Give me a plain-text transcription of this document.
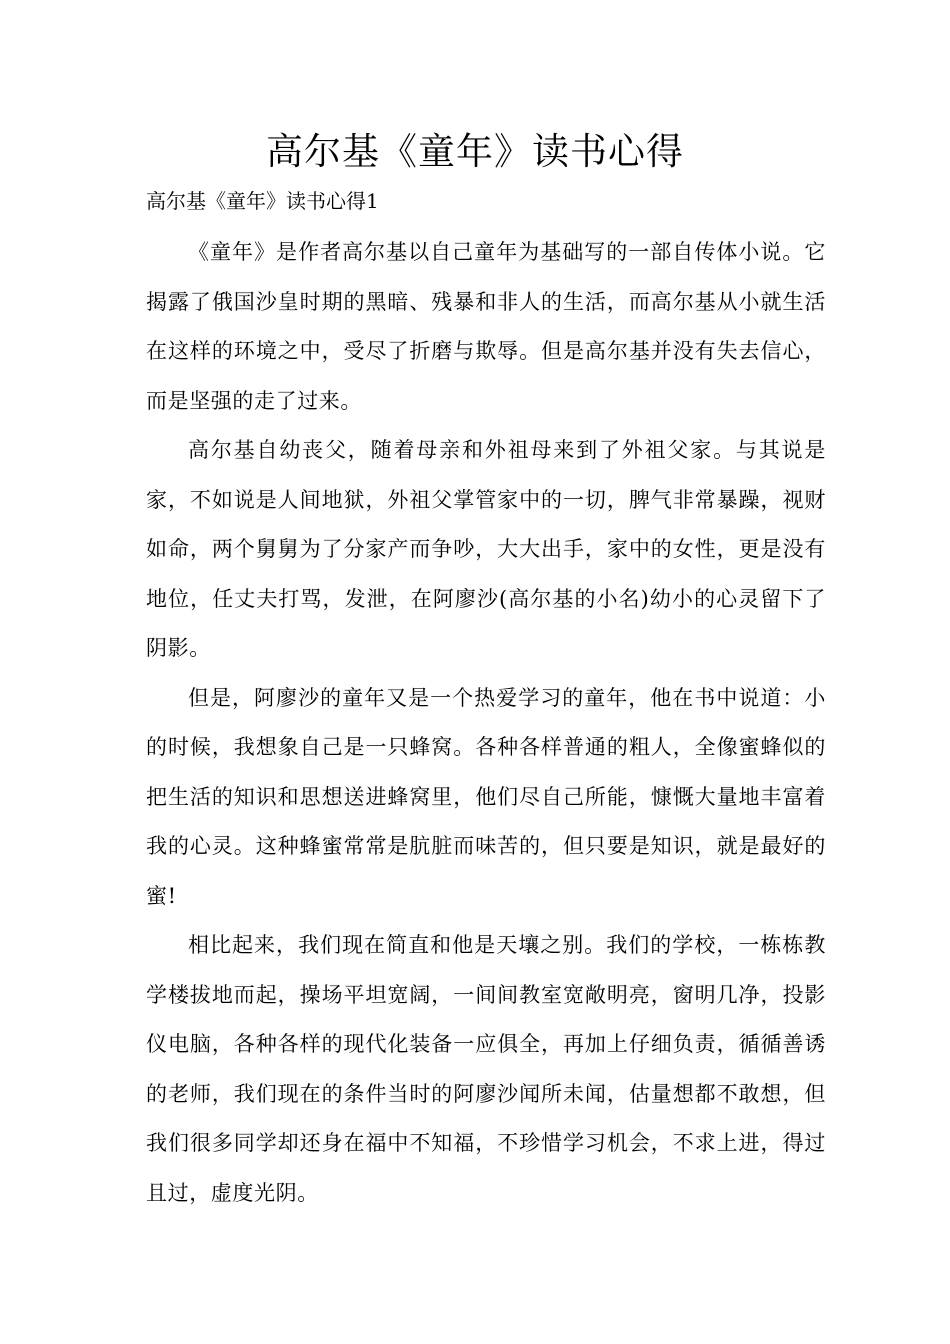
高尔基《童年》读书心得

高尔基《童年》读书心得1

《童年》是作者高尔基以自己童年为基础写的一部自传体小说。它揭露了俄国沙皇时期的黑暗、残暴和非人的生活，而高尔基从小就生活在这样的环境之中，受尽了折磨与欺辱。但是高尔基并没有失去信心，而是坚强的走了过来。

高尔基自幼丧父，随着母亲和外祖母来到了外祖父家。与其说是家，不如说是人间地狱，外祖父掌管家中的一切，脾气非常暴躁，视财如命，两个舅舅为了分家产而争吵，大大出手，家中的女性，更是没有地位，任丈夫打骂，发泄，在阿廖沙(高尔基的小名)幼小的心灵留下了阴影。

但是，阿廖沙的童年又是一个热爱学习的童年，他在书中说道：小的时候，我想象自己是一只蜂窝。各种各样普通的粗人，全像蜜蜂似的把生活的知识和思想送进蜂窝里，他们尽自己所能，慷慨大量地丰富着我的心灵。这种蜂蜜常常是肮脏而味苦的，但只要是知识，就是最好的蜜!

相比起来，我们现在简直和他是天壤之别。我们的学校，一栋栋教学楼拔地而起，操场平坦宽阔，一间间教室宽敞明亮，窗明几净，投影仪电脑，各种各样的现代化装备一应俱全，再加上仔细负责，循循善诱的老师，我们现在的条件当时的阿廖沙闻所未闻，估量想都不敢想，但我们很多同学却还身在福中不知福，不珍惜学习机会，不求上进，得过且过，虚度光阴。
